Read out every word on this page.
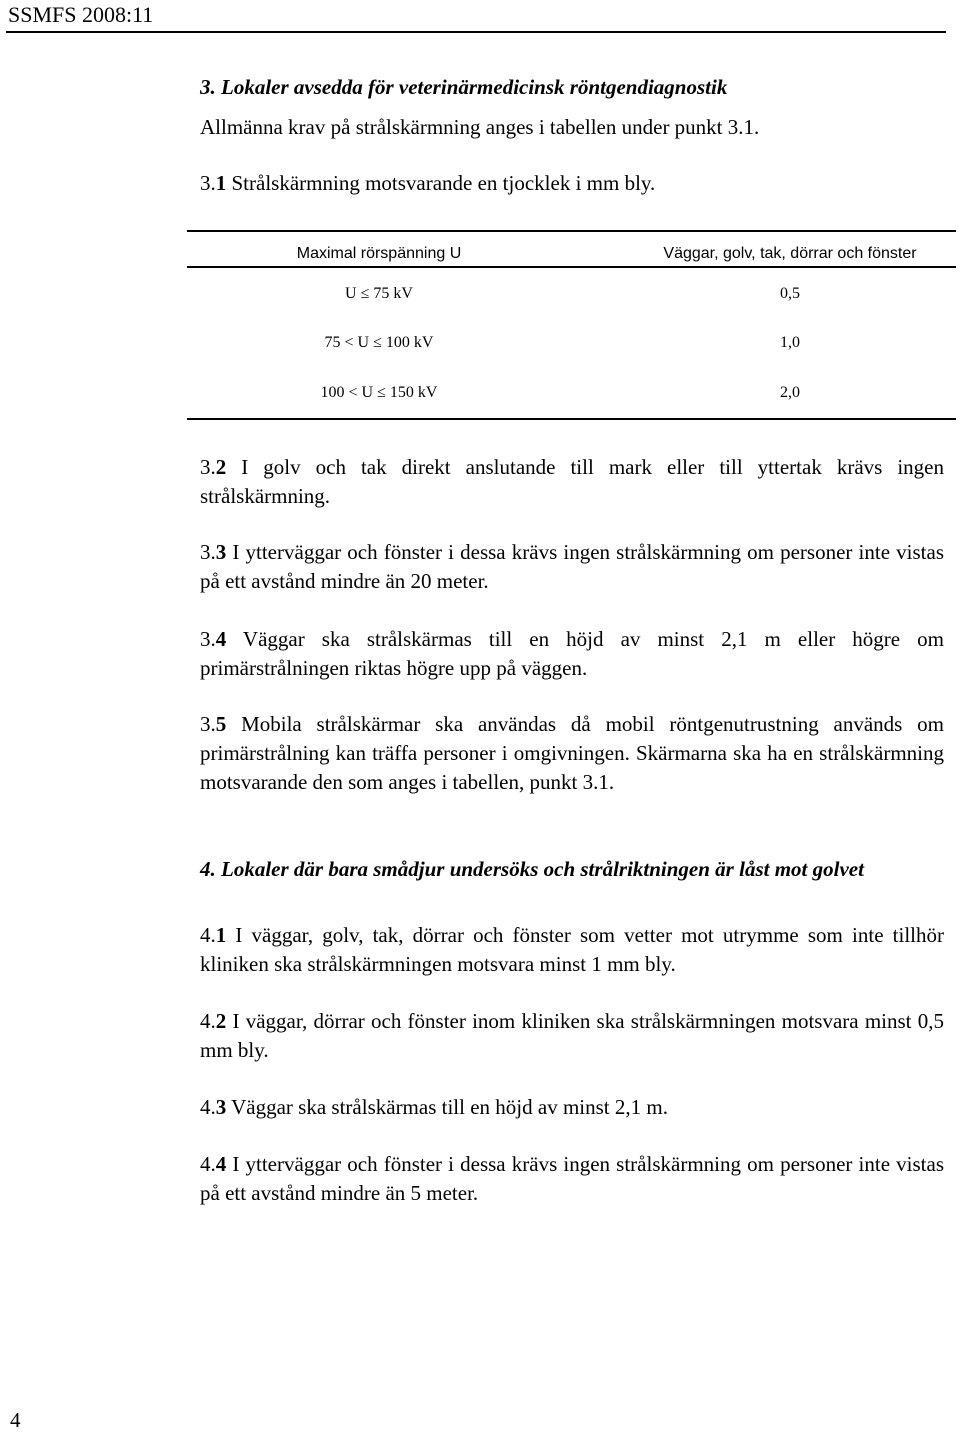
SSMFS 2008:11
3. Lokaler avsedda för veterinärmedicinsk röntgendiagnostik
Allmänna krav på strålskärmning anges i tabellen under punkt 3.1.
3.1 Strålskärmning motsvarande en tjocklek i mm bly.
Maximal rörspänning U	Väggar, golv, tak, dörrar och fönster
U ≤ 75 kV	0,5
75 < U ≤ 100 kV	1,0
100 < U ≤ 150 kV	2,0
3.2 I golv och tak direkt anslutande till mark eller till yttertak krävs ingen strålskärmning.
3.3 I ytterväggar och fönster i dessa krävs ingen strålskärmning om personer inte vistas på ett avstånd mindre än 20 meter.
3.4 Väggar ska strålskärmas till en höjd av minst 2,1 m eller högre om primärstrålningen riktas högre upp på väggen.
3.5 Mobila strålskärmar ska användas då mobil röntgenutrustning används om primärstrålning kan träffa personer i omgivningen. Skärmarna ska ha en strålskärmning motsvarande den som anges i tabellen, punkt 3.1.
4. Lokaler där bara smådjur undersöks och strålriktningen är låst mot golvet
4.1 I väggar, golv, tak, dörrar och fönster som vetter mot utrymme som inte tillhör kliniken ska strålskärmningen motsvara minst 1 mm bly.
4.2 I väggar, dörrar och fönster inom kliniken ska strålskärmningen motsvara minst 0,5 mm bly.
4.3 Väggar ska strålskärmas till en höjd av minst 2,1 m.
4.4 I ytterväggar och fönster i dessa krävs ingen strålskärmning om personer inte vistas på ett avstånd mindre än 5 meter.
4
